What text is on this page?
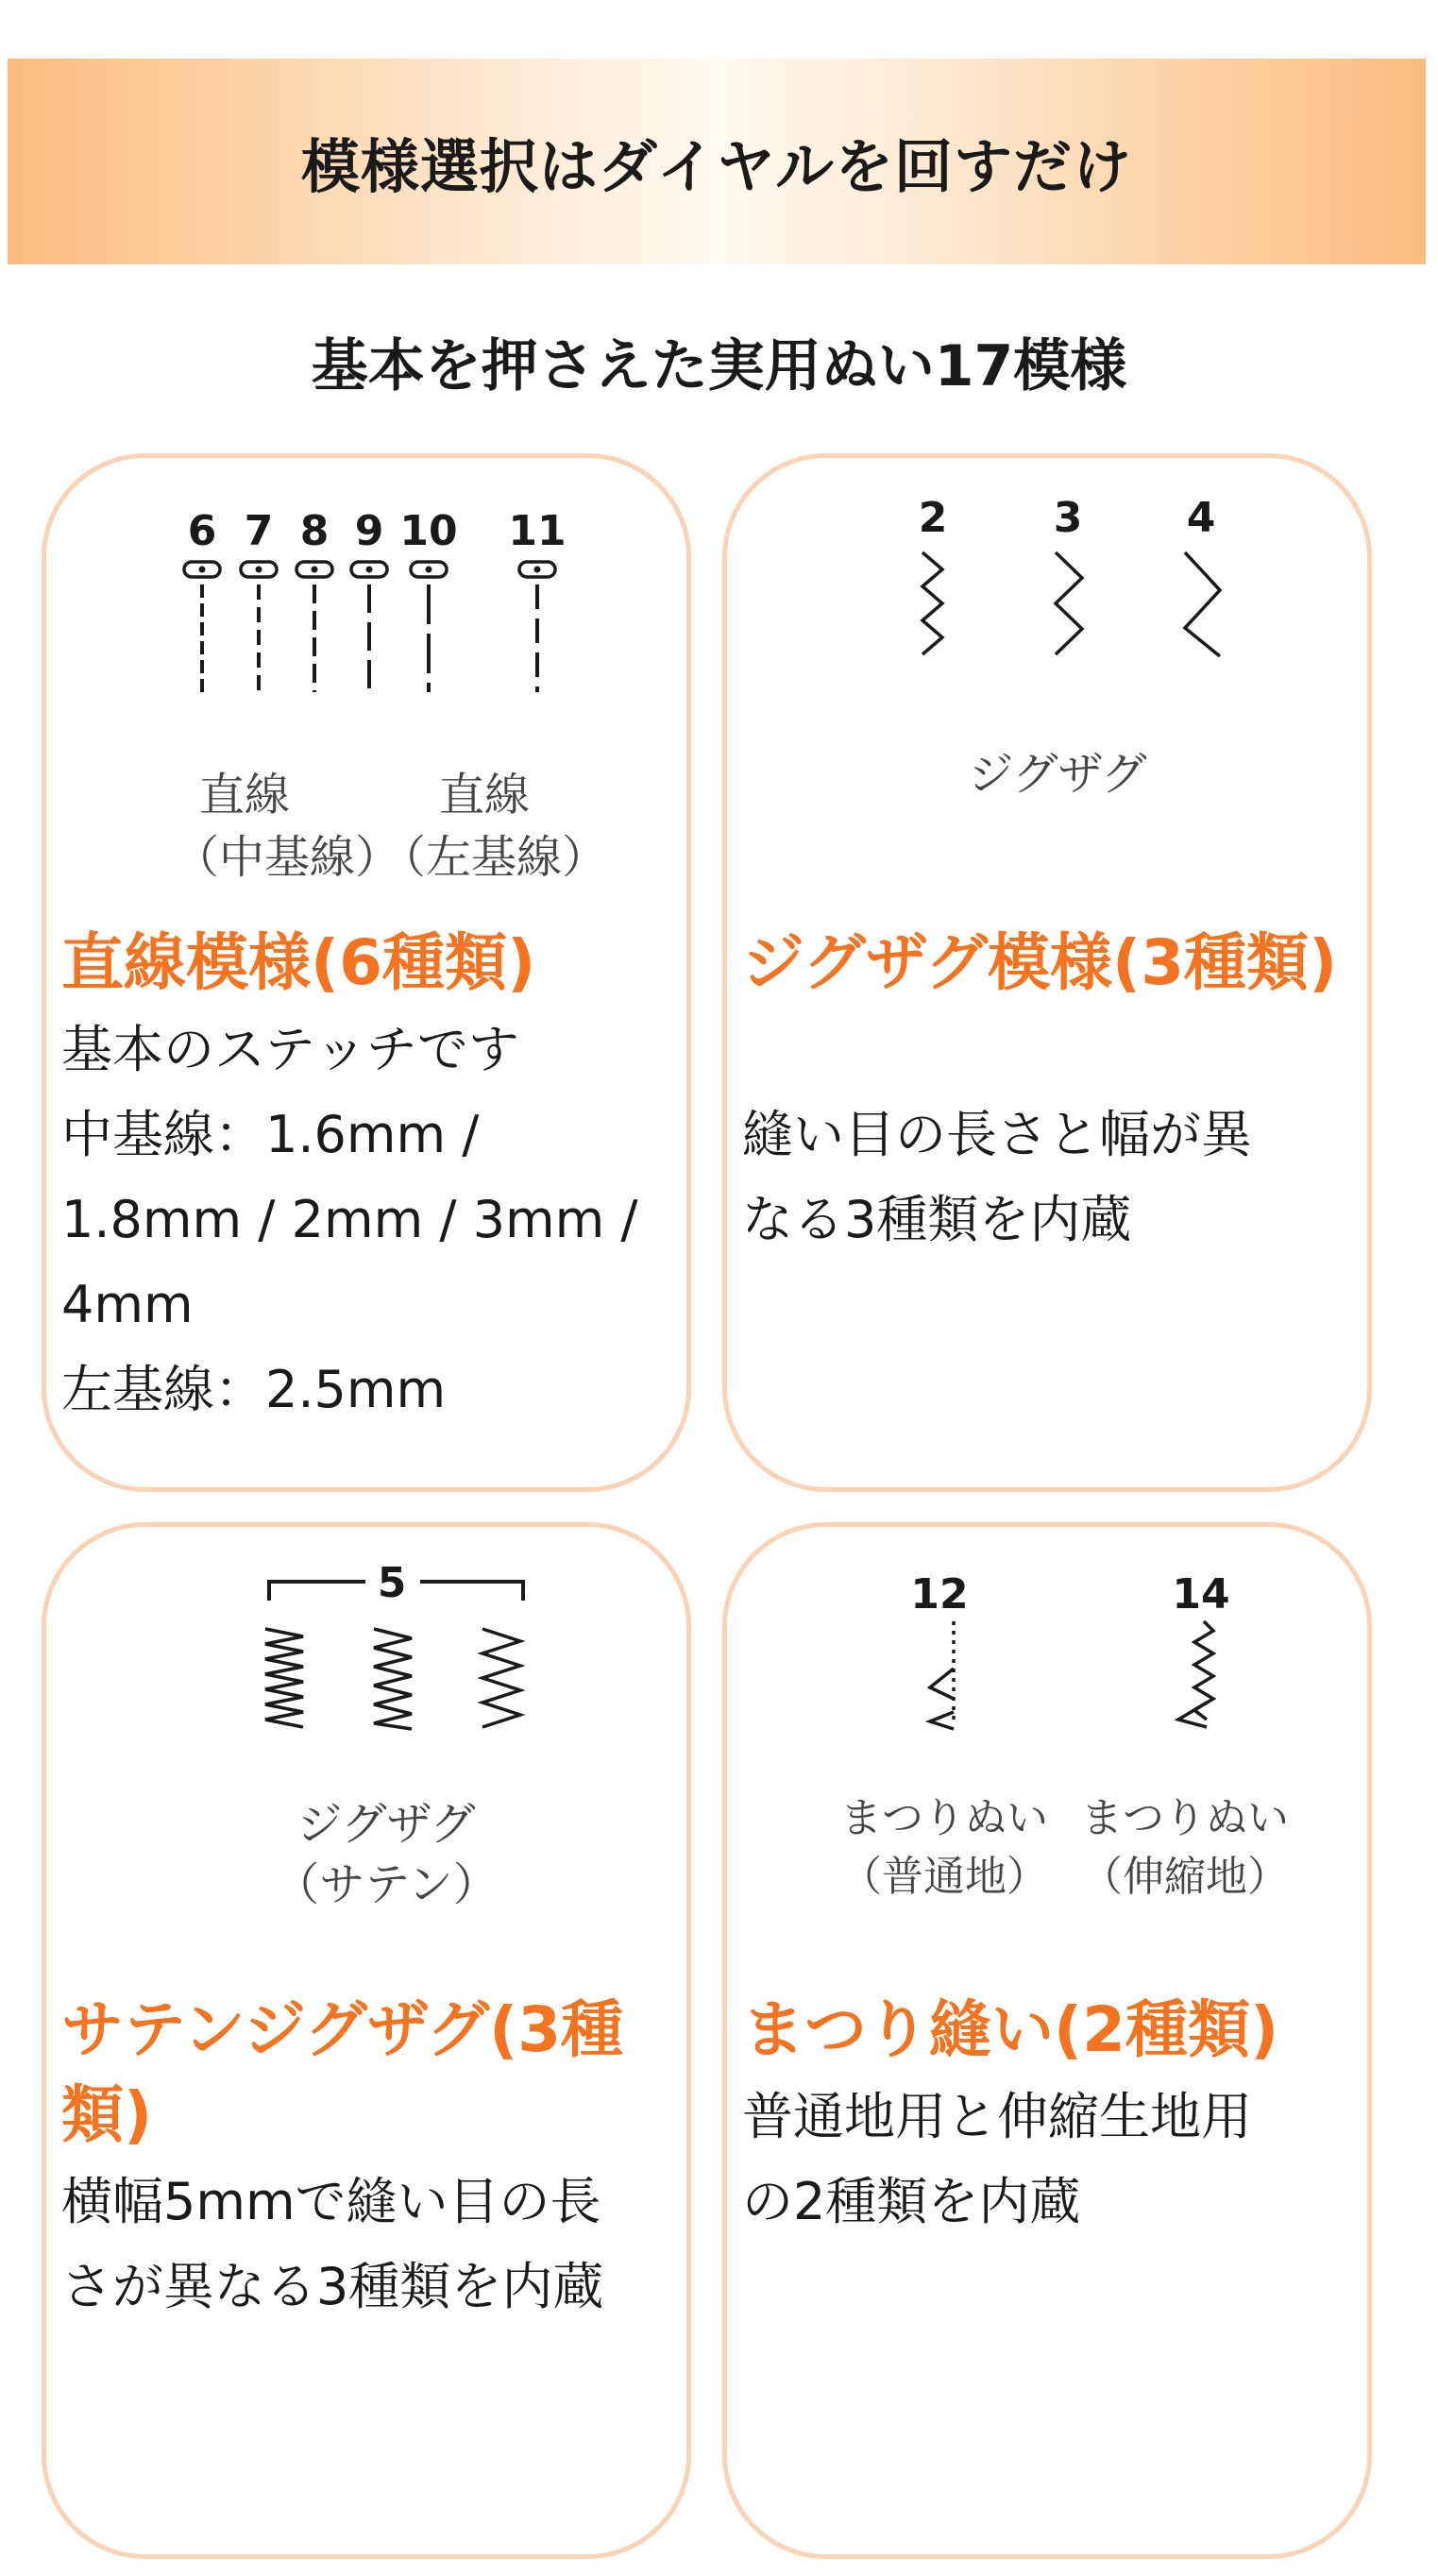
模様選択はダイヤルを回すだけ
基本を押さえた実用ぬい17模様
6 7 8 9 10 11
直線
（中基線）
直線
（左基線）
直線模様(6種類)

基本のステッチです

中基線：1.6mm /

1.8mm / 2mm / 3mm /

4mm

左基線：2.5mm

2	3	4
ジグザグ
ジグザグ模様(3種類)

縫い目の長さと幅が異

なる3種類を内蔵

5
ジグザグ
（サテン）
サテンジグザグ(3種類)

横幅5mmで縫い目の長

さが異なる3種類を内蔵

12	14
まつりぬい
（普通地）
まつりぬい
（伸縮地）
まつり縫い(2種類)

普通地用と伸縮生地用

の2種類を内蔵
